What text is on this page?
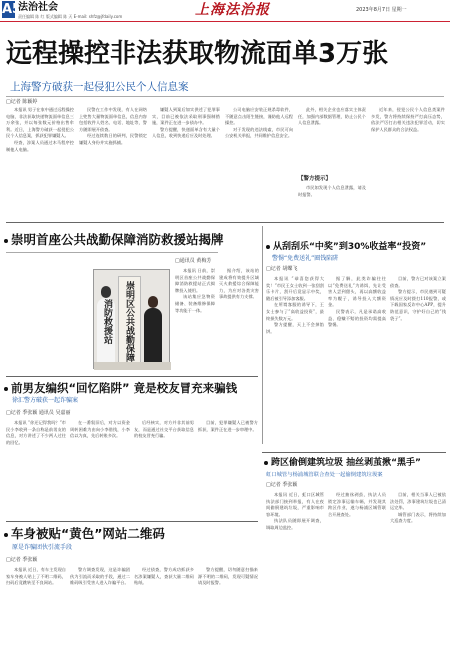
A5
法治社会
责任编辑 陈 红 版式编辑 陈 天 E-mail: shfz@jfdaily.com	上海法治报	2023年8月7日 星期一
远程操控非法获取物流面单3万张
上海警方破获一起侵犯公民个人信息案
□记者 陈颖婷

本报讯 男子在家中通过远程操控电脑，非法获取快递物流面单信息三万余张，并以每张数元价格出售牟利。近日，上海警方破获一起侵犯公民个人信息案，抓获犯罪嫌疑人。

经查，涉案人员通过木马程序控制他人电脑。

民警在工作中发现，有人在网络上兜售大量物流面单信息，信息内容包括收件人姓名、电话、地址等，警方随即展开侦查。

经过连续数日的研判，民警锁定嫌疑人身份并实施抓捕。

嫌疑人到案后如实供述了犯罪事实，目前已被依法采取刑事强制措施，案件正在进一步侦办中。

警方提醒，快递面单含有大量个人信息，收到快递后应及时处理。

公司电脑应安装正规杀毒软件，不随意点击陌生链接，谨防他人远程操控。

对于发现的违法线索，市民可向公安机关举报，共同维护信息安全。

此外，相关企业也应落实主体责任，加强内部数据管理，防止公民个人信息泄露。

【警方提示】

市民如发现个人信息泄露，请及时报警。

近年来，侵犯公民个人信息类案件多发，警方将持续保持严打高压态势，依法严厉打击相关违法犯罪活动，切实保护人民群众的合法权益。

崇明首座公共战勤保障消防救援站揭牌
崇明区公共战勤保障消防救援站
□通讯员 黄梅芳

本报讯 日前，崇明区首座公共战勤保障消防救援站正式揭牌投入使用。

该站集应急物资储备、装备维修保障等功能于一体。

据介绍，该站的建成将有效提升区域灭火救援综合保障能力，为应对各类灾害事故提供有力支撑。

从刮刮乐“中奖”到30%收益率“投资”
警惕“免费送礼”圈钱陷阱
□记者 胡蝶飞

本报讯 “恭喜您获得大奖！”市民王女士收到一张刮刮乐卡片，刮开后竟显示中奖，随后被引导添加客服。

在所谓客服的诱导下，王女士参与了“高收益投资”，最终损失数万元。

警方提醒，天上不会掉馅饼。

据了解，此类诈骗往往以“免费送礼”为诱饵，先让受害人尝到甜头，再以高额收益率为幌子，诱导投入大额资金。

民警表示，凡是承诺高收益、稳赚不赔的投资均需提高警惕。

目前，警方已对该案立案侦查。

警方提示，市民遇到可疑情况应及时拨打110报警，或下载国家反诈中心APP，提升防范意识，守护好自己的“钱袋子”。

前男友编织“回忆陷阱” 竟是校友冒充来骗钱
徐汇警方破获一起诈骗案
□记者 季张颖 通讯员 吴嘉丽

本报讯 “你还记得我吗？”市民小李收到一条自称是前男友的信息，对方讲述了不少两人过往的回忆。

在一番叙旧后，对方以资金周转困难为由向小李借钱，小李信以为真，先后转账多次。

后经核实，对方并非其前男友，而是通过社交平台获取信息的校友冒充行骗。

目前，犯罪嫌疑人已被警方抓获，案件正在进一步审理中。

车身被贴“黄色”网站二维码
原是诈骗团伙引流手段
□记者 季张颖

本报讯 近日，有车主发现自家车身被人贴上了不明二维码，扫码后竟跳转至不良网站。

警方调查发现，这是诈骗团伙为引流而采取的手段，通过二维码吸引受害人进入诈骗平台。

经过侦查，警方成功抓获多名涉案嫌疑人，查获大量二维码贴纸。

警方提醒，切勿随意扫描来源不明的二维码，发现可疑情况请及时报警。

跨区偷倒建筑垃圾 抽丝剥茧揪“黑手”
虹口城管与杨浦城管联合查处一起偷倒建筑垃圾案
□记者 季张颖

本报讯 近日，虹口区城管执法部门接到举报，有人在夜间偷倒建筑垃圾，严重影响市容环境。

执法队员随即展开调查，调取周边监控。

经过抽丝剥茧，执法人员锁定涉事运输车辆，并发现其跨区作业，遂与杨浦区城管联合开展查处。

目前，相关当事人已被依法处罚，涉事建筑垃圾也已清运完毕。

城管部门表示，将持续加大巡查力度。
